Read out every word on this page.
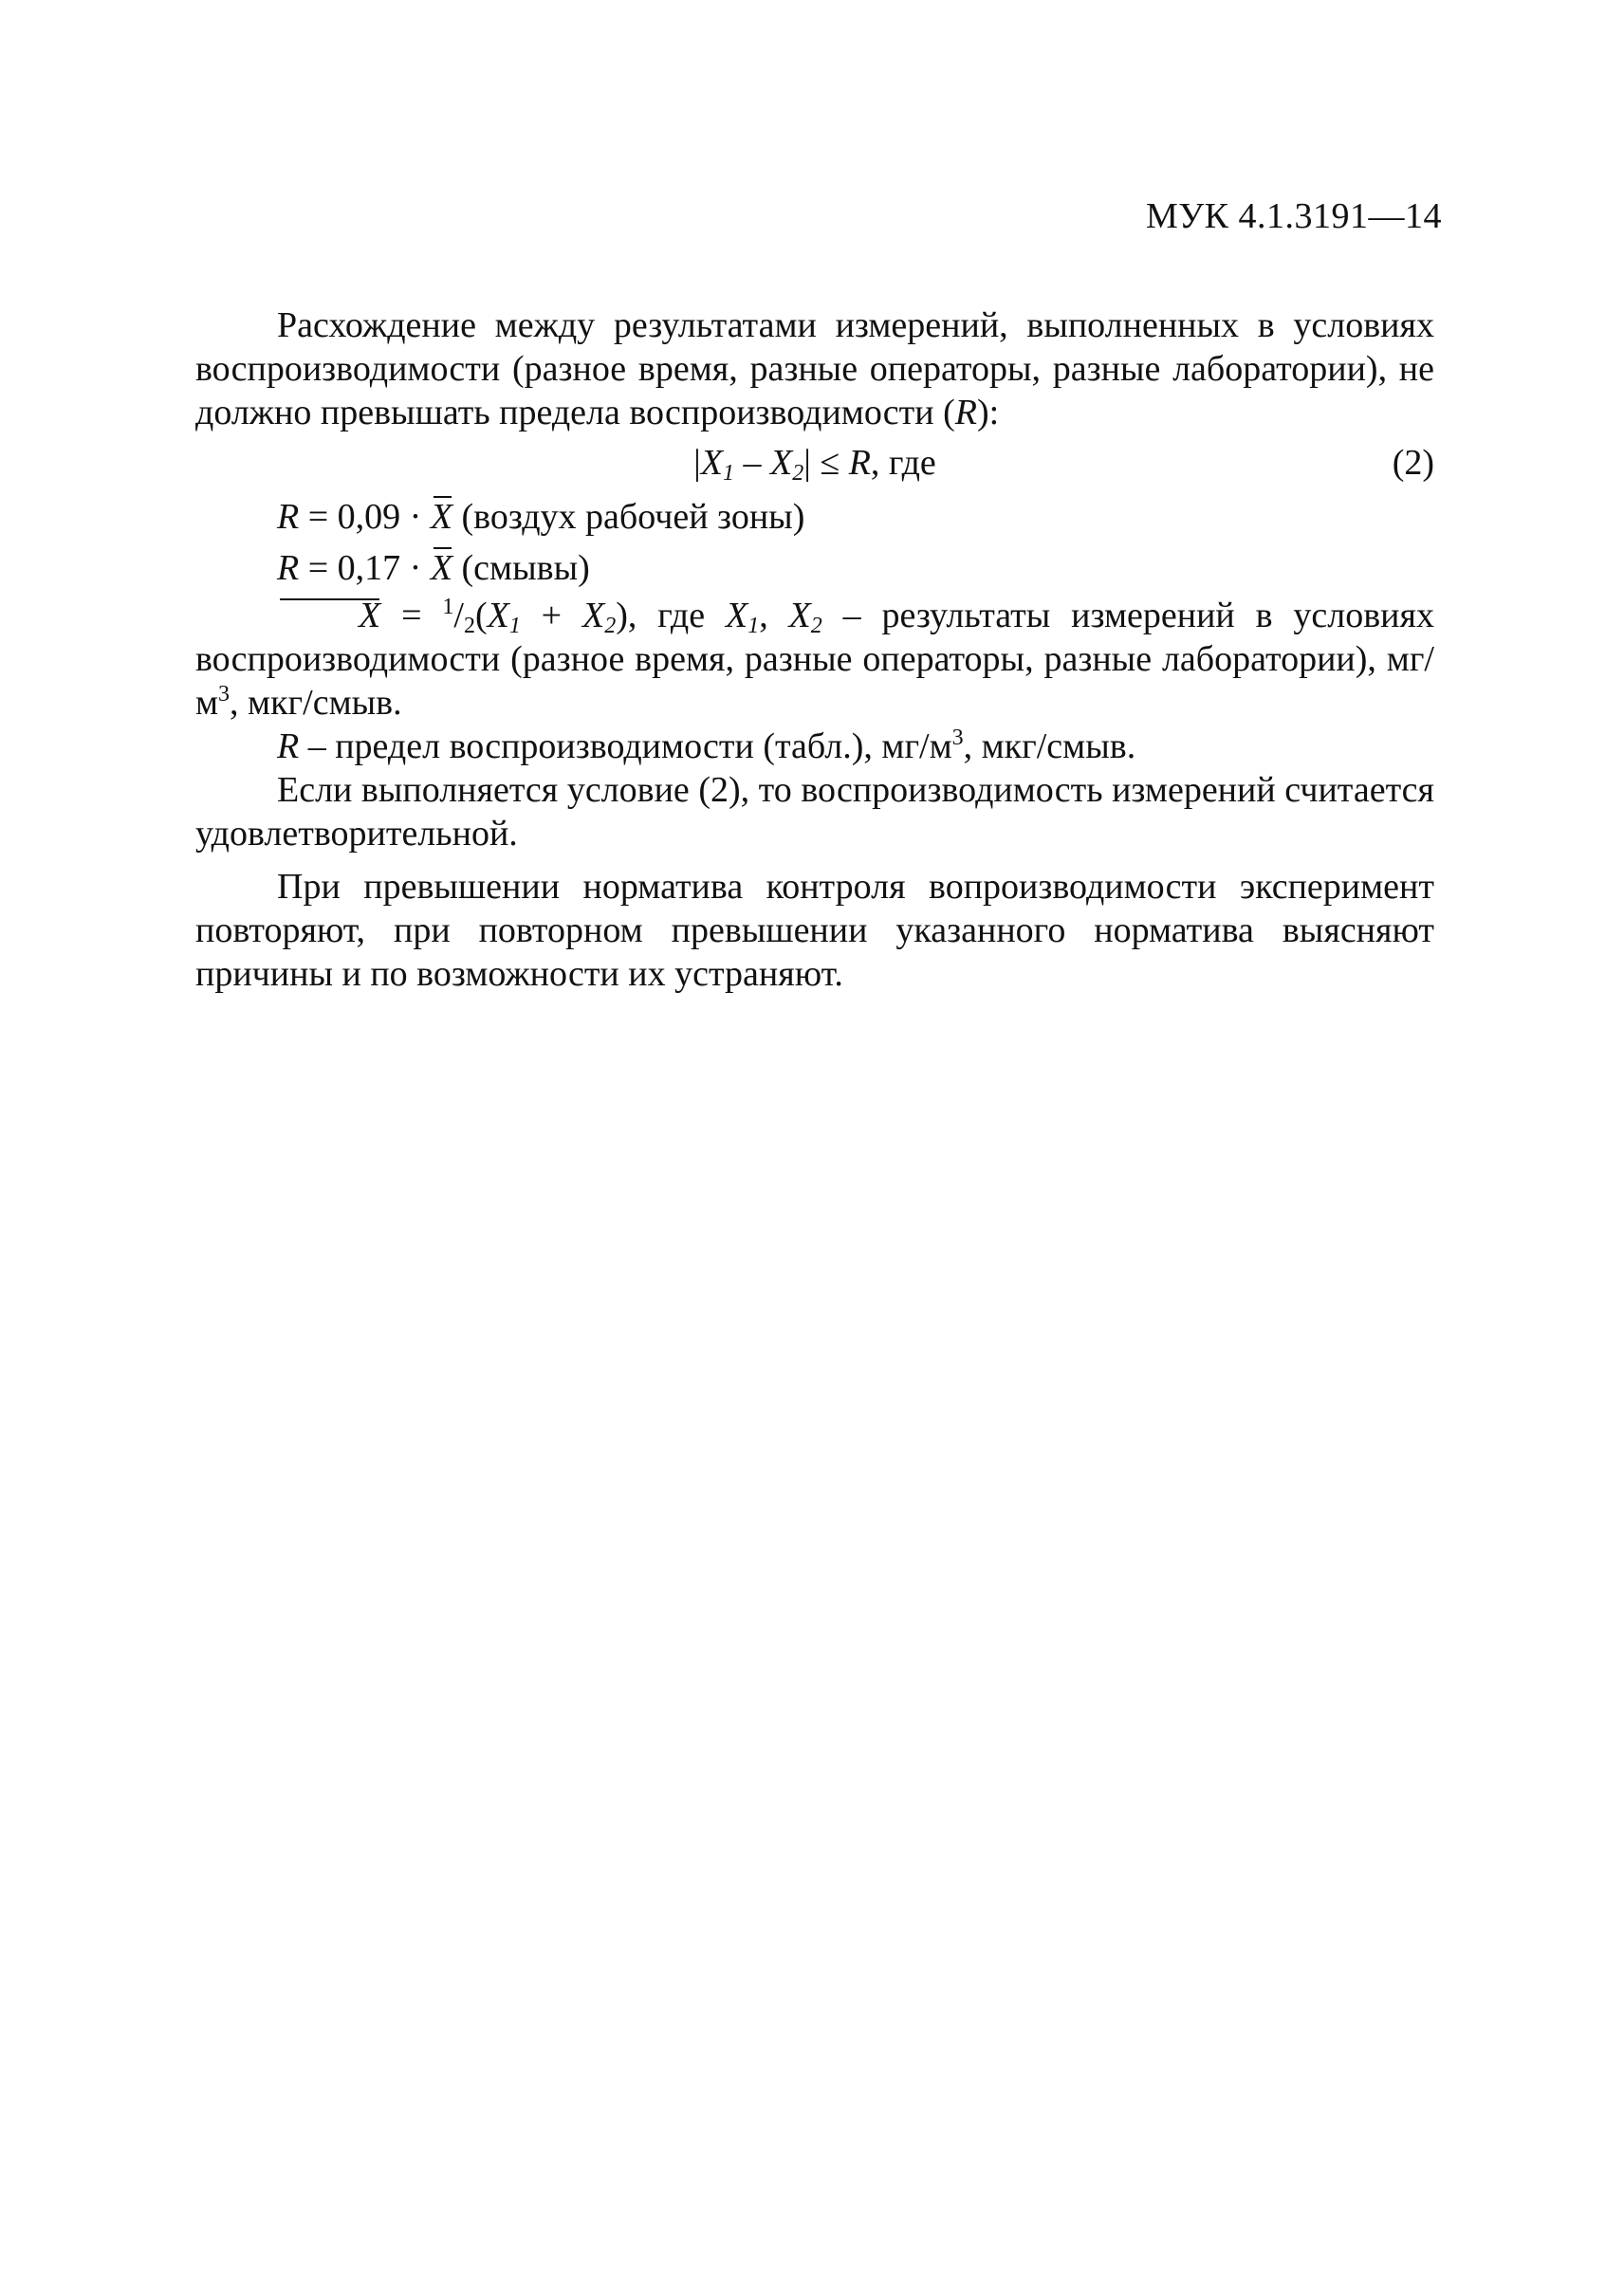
МУК 4.1.3191—14

Расхождение между результатами измерений, выполненных в условиях воспроизводимости (разное время, разные операторы, разные лаборатории), не должно превышать предела воспроизводимости (R):

$|X_1 - X_2| \le R$, где	(2)

R = 0,09 · X (воздух рабочей зоны)

R = 0,17 · X (смывы)

$X = ^1/2(X_1 + X_2)$, где $X_1$, $X_2$ – результаты измерений в условиях воспроизводимости (разное время, разные операторы, разные лаборатории), $мг/м^3$, мкг/смыв.

R – предел воспроизводимости (табл.), $мг/м^3$, мкг/смыв.

Если выполняется условие (2), то воспроизводимость измерений считается удовлетворительной.

При превышении норматива контроля вопроизводимости эксперимент повторяют, при повторном превышении указанного норматива выясняют причины и по возможности их устраняют.
